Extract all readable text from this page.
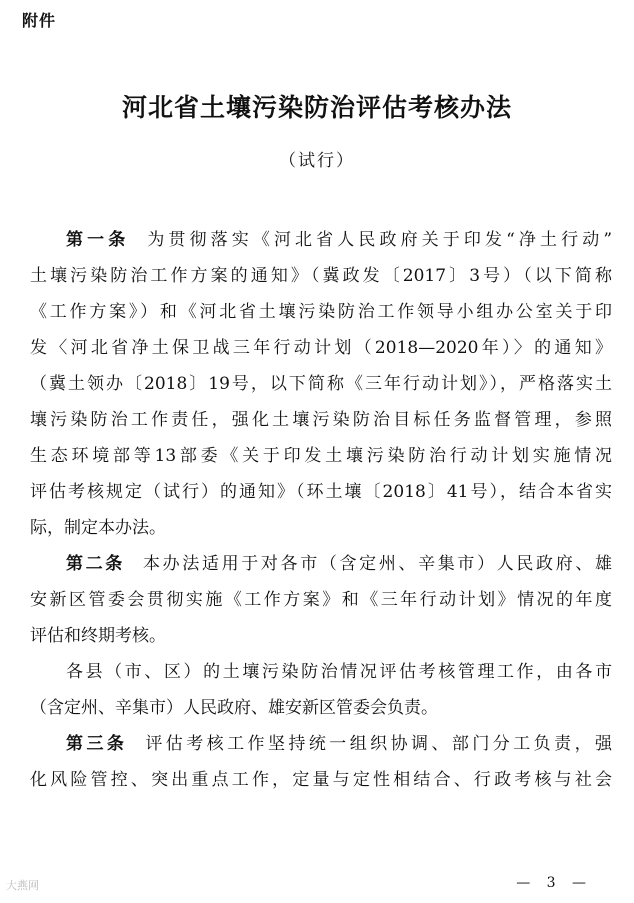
附件
河北省土壤污染防治评估考核办法
（试行）
第一条 为贯彻落实《河北省人民政府关于印发“净土行动”
土壤污染防治工作方案的通知》（冀政发〔2017〕3号）（以下简称
《工作方案》）和《河北省土壤污染防治工作领导小组办公室关于印
发〈河北省净土保卫战三年行动计划（2018—2020年）〉的通知》
（冀土领办〔2018〕19号，以下简称《三年行动计划》），严格落实土
壤污染防治工作责任，强化土壤污染防治目标任务监督管理，参照
生态环境部等13部委《关于印发土壤污染防治行动计划实施情况
评估考核规定（试行）的通知》（环土壤〔2018〕41号），结合本省实
际，制定本办法。
第二条 本办法适用于对各市（含定州、辛集市）人民政府、雄
安新区管委会贯彻实施《工作方案》和《三年行动计划》情况的年度
评估和终期考核。
各县（市、区）的土壤污染防治情况评估考核管理工作，由各市
（含定州、辛集市）人民政府、雄安新区管委会负责。
第三条 评估考核工作坚持统一组织协调、部门分工负责，强
化风险管控、突出重点工作，定量与定性相结合、行政考核与社会
大燕网	— 3 —
